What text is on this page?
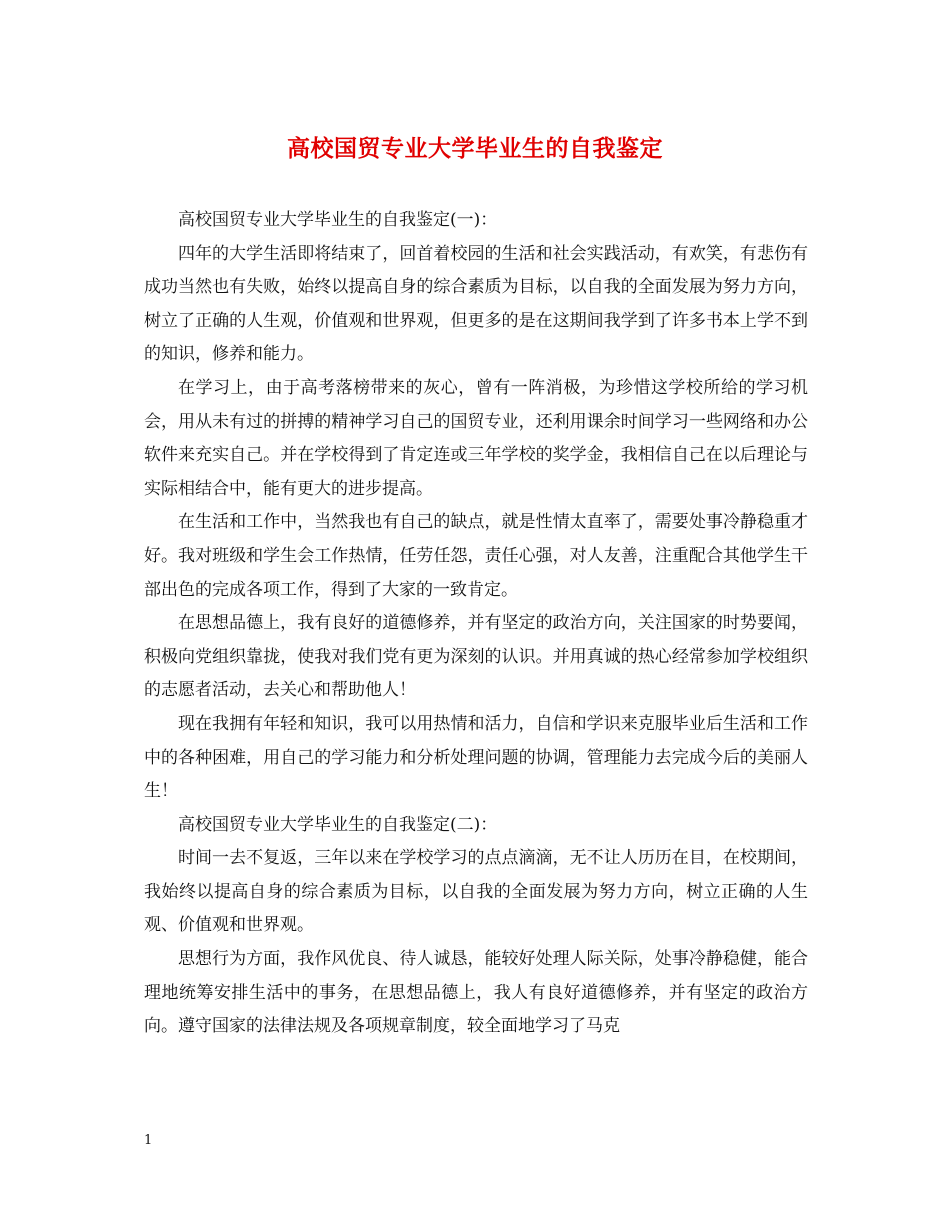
高校国贸专业大学毕业生的自我鉴定

高校国贸专业大学毕业生的自我鉴定(一)：

四年的大学生活即将结束了，回首着校园的生活和社会实践活动，有欢笑，有悲伤有成功当然也有失败，始终以提高自身的综合素质为目标，以自我的全面发展为努力方向，树立了正确的人生观，价值观和世界观，但更多的是在这期间我学到了许多书本上学不到的知识，修养和能力。

在学习上，由于高考落榜带来的灰心，曾有一阵消极，为珍惜这学校所给的学习机会，用从未有过的拼搏的精神学习自己的国贸专业，还利用课余时间学习一些网络和办公软件来充实自己。并在学校得到了肯定连或三年学校的奖学金，我相信自己在以后理论与实际相结合中，能有更大的进步提高。

在生活和工作中，当然我也有自己的缺点，就是性情太直率了，需要处事冷静稳重才好。我对班级和学生会工作热情，任劳任怨，责任心强，对人友善，注重配合其他学生干部出色的完成各项工作，得到了大家的一致肯定。

在思想品德上，我有良好的道德修养，并有坚定的政治方向，关注国家的时势要闻，积极向党组织靠拢，使我对我们党有更为深刻的认识。并用真诚的热心经常参加学校组织的志愿者活动，去关心和帮助他人！

现在我拥有年轻和知识，我可以用热情和活力，自信和学识来克服毕业后生活和工作中的各种困难，用自己的学习能力和分析处理问题的协调，管理能力去完成今后的美丽人生！

高校国贸专业大学毕业生的自我鉴定(二)：

时间一去不复返，三年以来在学校学习的点点滴滴，无不让人历历在目，在校期间，我始终以提高自身的综合素质为目标，以自我的全面发展为努力方向，树立正确的人生观、价值观和世界观。

思想行为方面，我作风优良、待人诚恳，能较好处理人际关际，处事冷静稳健，能合理地统筹安排生活中的事务，在思想品德上，我人有良好道德修养，并有坚定的政治方向。遵守国家的法律法规及各项规章制度，较全面地学习了马克

1
